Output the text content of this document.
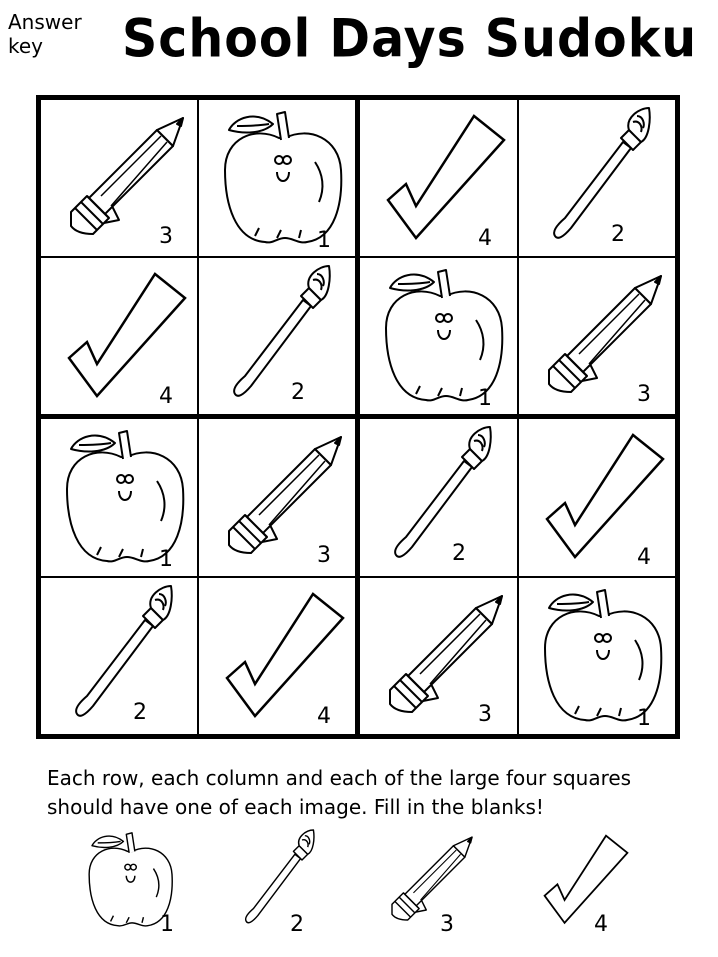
Answer
key	School Days Sudoku
3	1	4	2
4	2	1	3
1	3	2	4
2	4	3	1
Each row, each column and each of the large four squares should have one of each image. Fill in the blanks!
1	2	3	4
